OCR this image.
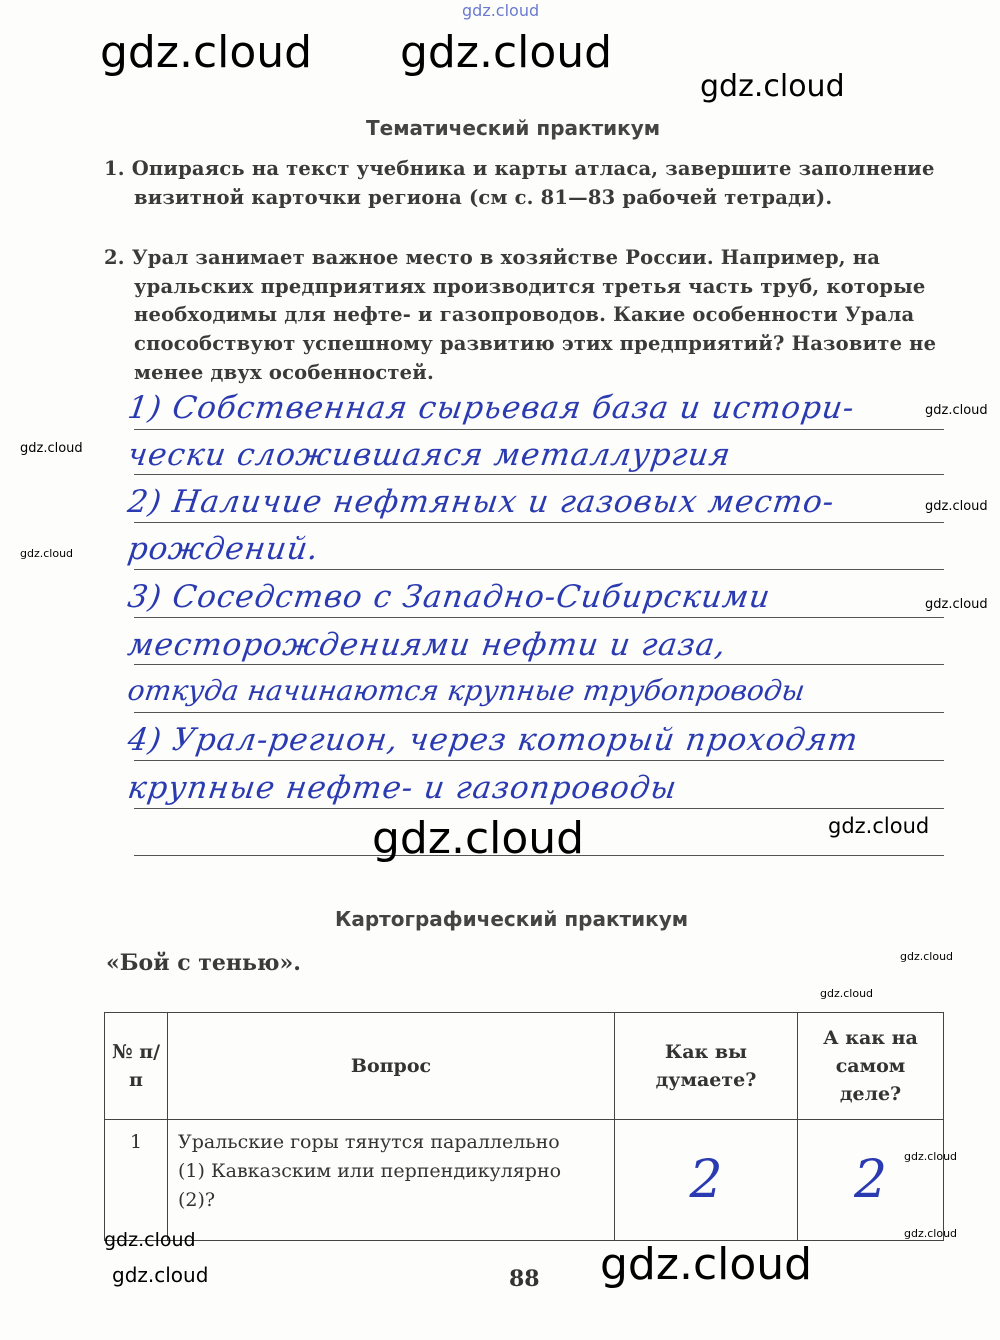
Тематический практикум
1. Опираясь на текст учебника и карты атласа, завершите заполнение
визитной карточки региона (см с. 81—83 рабочей тетради).
2. Урал занимает важное место в хозяйстве России. Например, на
уральских предприятиях производится третья часть труб, которые
необходимы для нефте- и газопроводов. Какие особенности Урала
способствуют успешному развитию этих предприятий? Назовите не
менее двух особенностей.
1) Собственная сырьевая база и истори-
чески сложившаяся металлургия
2) Наличие нефтяных и газовых место-
рождений.
3) Соседство с Западно-Сибирскими
месторождениями нефти и газа,
откуда начинаются крупные трубопроводы
4) Урал-регион, через который проходят
крупные нефте- и газопроводы
Картографический практикум
«Бой с тенью».
№ п/п	Вопрос	Как вы думаете?	А как на самом деле?
1	Уральские горы тянутся параллельно (1) Кавказским или перпендикулярно (2)?	2	2
88
gdz.cloud
gdz.cloud
gdz.cloud
gdz.cloud
gdz.cloud
gdz.cloud
gdz.cloud
gdz.cloud
gdz.cloud
gdz.cloud
gdz.cloud
gdz.cloud
gdz.cloud
gdz.cloud
gdz.cloud
gdz.cloud
gdz.cloud
gdz.cloud
